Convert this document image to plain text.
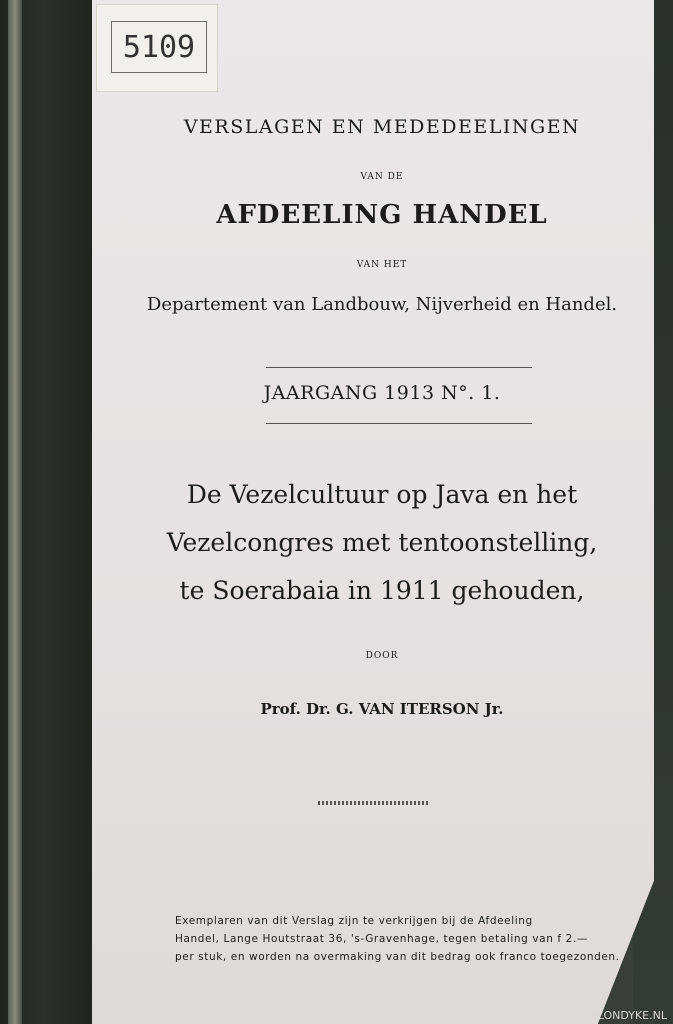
5109
VERSLAGEN EN MEDEDEELINGEN
VAN DE
AFDEELING HANDEL
VAN HET
Departement van Landbouw, Nijverheid en Handel.
JAARGANG 1913 N°. 1.
De Vezelcultuur op Java en het
Vezelcongres met tentoonstelling,
te Soerabaia in 1911 gehouden,
DOOR
Prof. Dr. G. VAN ITERSON Jr.
Exemplaren van dit Verslag zijn te verkrijgen bij de Afdeeling
Handel, Lange Houtstraat 36, 's-Gravenhage, tegen betaling van f 2.—
per stuk, en worden na overmaking van dit bedrag ook franco toegezonden.
KLONDYKE.NL
